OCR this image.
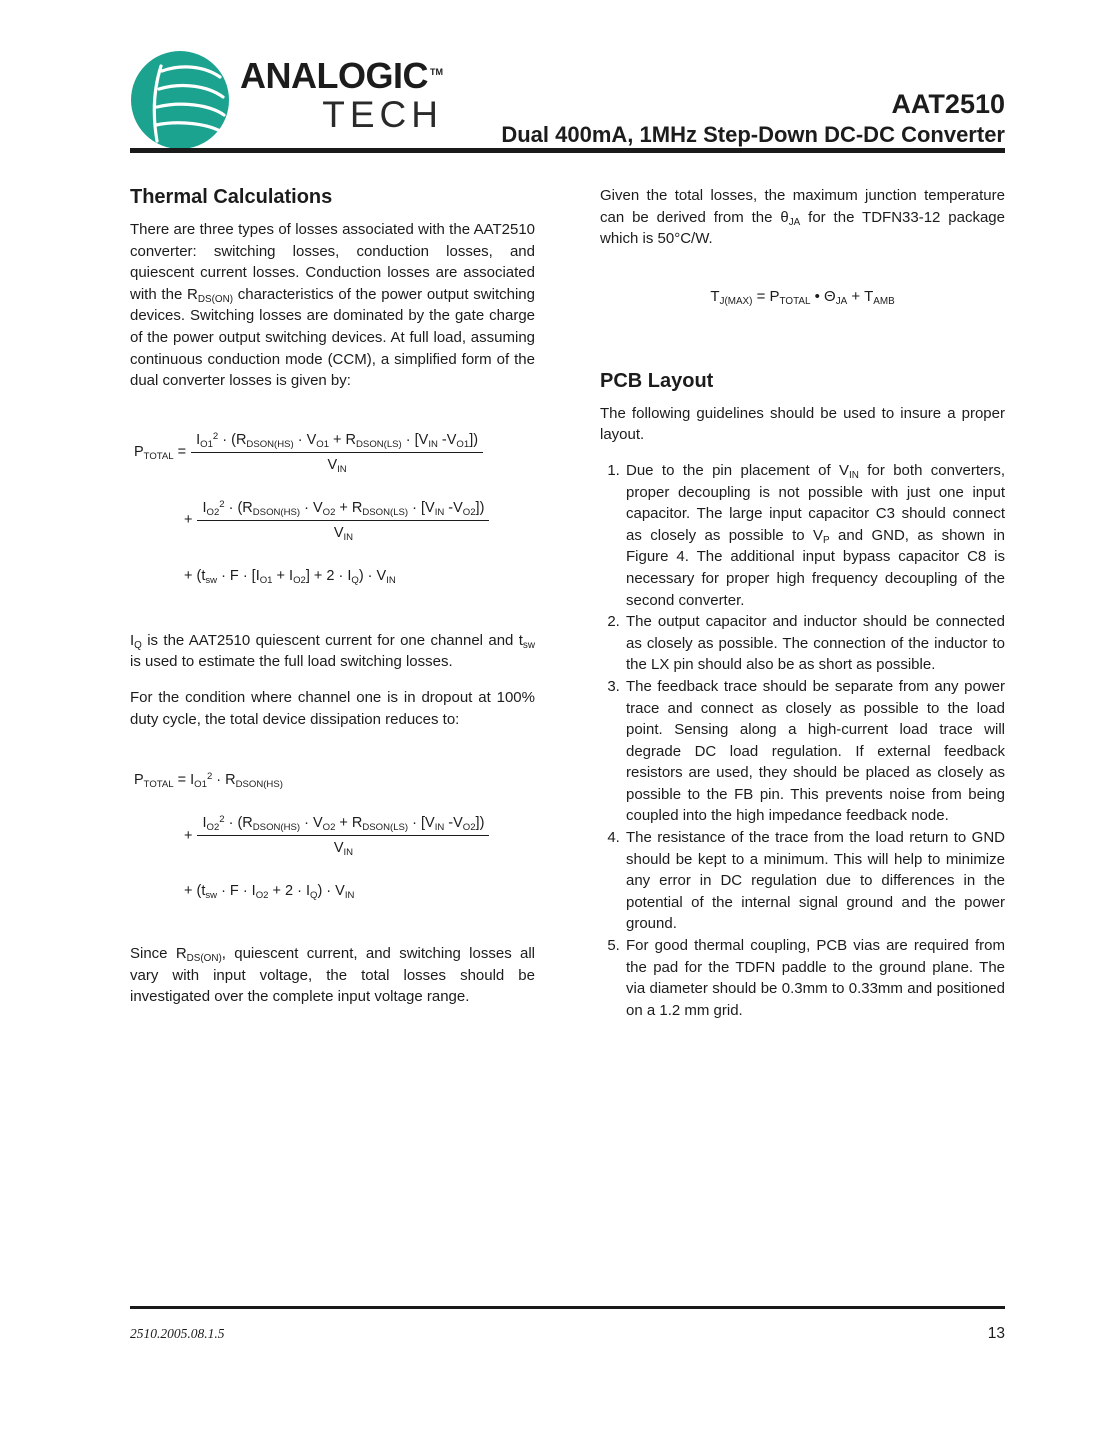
ANALOGIC ™
TECH	AAT2510
Dual 400mA, 1MHz Step-Down DC-DC Converter
Thermal Calculations

There are three types of losses associated with the AAT2510 converter: switching losses, conduction losses, and quiescent current losses. Conduction losses are associated with the $R_{DS(ON)}$ characteristics of the power output switching devices. Switching losses are dominated by the gate charge of the power output switching devices. At full load, assuming continuous conduction mode (CCM), a simplified form of the dual converter losses is given by:

$P_{TOTAL} = \frac{I_{O1}^2 \cdot (R_{DSON(HS)} \cdot V_{O1} + R_{DSON(LS)} \cdot [V_{IN} -V_{O1}])}{V_{IN}}$
+ $\frac{I_{O2}^2 \cdot (R_{DSON(HS)} \cdot V_{O2} + R_{DSON(LS)} \cdot [V_{IN} -V_{O2}])}{V_{IN}}$
+ $(t_{sw} \cdot F \cdot [I_{O1} + I_{O2}] + 2 \cdot I_Q) \cdot V_{IN}$

$I_Q$ is the AAT2510 quiescent current for one channel and $t_{sw}$ is used to estimate the full load switching losses.

For the condition where channel one is in dropout at 100% duty cycle, the total device dissipation reduces to:

$P_{TOTAL} = I_{O1}^2 \cdot R_{DSON(HS)}$
+ $\frac{I_{O2}^2 \cdot (R_{DSON(HS)} \cdot V_{O2} + R_{DSON(LS)} \cdot [V_{IN} -V_{O2}])}{V_{IN}}$
+ $(t_{sw} \cdot F \cdot I_{O2} + 2 \cdot I_Q) \cdot V_{IN}$

Since $R_{DS(ON)}$, quiescent current, and switching losses all vary with input voltage, the total losses should be investigated over the complete input voltage range.

Given the total losses, the maximum junction temperature can be derived from the $\theta_{JA}$ for the TDFN33-12 package which is 50°C/W.

$T_{J(MAX)} = P_{TOTAL}$ • $\Theta_{JA} + T_{AMB}$
PCB Layout

The following guidelines should be used to insure a proper layout.

1. Due to the pin placement of $V_{IN}$ for both converters, proper decoupling is not possible with just one input capacitor. The large input capacitor C3 should connect as closely as possible to $V_P$ and GND, as shown in Figure 4. The additional input bypass capacitor C8 is necessary for proper high frequency decoupling of the second converter.
2. The output capacitor and inductor should be connected as closely as possible. The connection of the inductor to the LX pin should also be as short as possible.
3. The feedback trace should be separate from any power trace and connect as closely as possible to the load point. Sensing along a high-current load trace will degrade DC load regulation. If external feedback resistors are used, they should be placed as closely as possible to the FB pin. This prevents noise from being coupled into the high impedance feedback node.
4. The resistance of the trace from the load return to GND should be kept to a minimum. This will help to minimize any error in DC regulation due to differences in the potential of the internal signal ground and the power ground.
5. For good thermal coupling, PCB vias are required from the pad for the TDFN paddle to the ground plane. The via diameter should be 0.3mm to 0.33mm and positioned on a 1.2 mm grid.
2510.2005.08.1.5	13
